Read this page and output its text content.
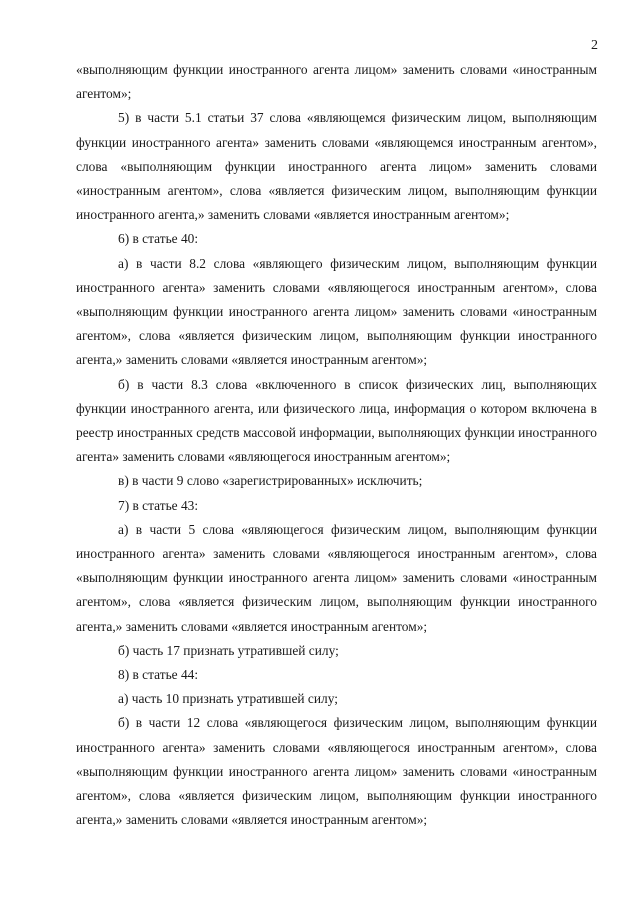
2

«выполняющим функции иностранного агента лицом» заменить словами «иностранным агентом»;

5) в части 5.1 статьи 37 слова «являющемся физическим лицом, выполняющим функции иностранного агента» заменить словами «являющемся иностранным агентом», слова «выполняющим функции иностранного агента лицом» заменить словами «иностранным агентом», слова «является физическим лицом, выполняющим функции иностранного агента,» заменить словами «является иностранным агентом»;

6) в статье 40:

а) в части 8.2 слова «являющего физическим лицом, выполняющим функции иностранного агента» заменить словами «являющегося иностранным агентом», слова «выполняющим функции иностранного агента лицом» заменить словами «иностранным агентом», слова «является физическим лицом, выполняющим функции иностранного агента,» заменить словами «является иностранным агентом»;

б) в части 8.3 слова «включенного в список физических лиц, выполняющих функции иностранного агента, или физического лица, информация о котором включена в реестр иностранных средств массовой информации, выполняющих функции иностранного агента» заменить словами «являющегося иностранным агентом»;

в) в части 9 слово «зарегистрированных» исключить;

7) в статье 43:

а) в части 5 слова «являющегося физическим лицом, выполняющим функции иностранного агента» заменить словами «являющегося иностранным агентом», слова «выполняющим функции иностранного агента лицом» заменить словами «иностранным агентом», слова «является физическим лицом, выполняющим функции иностранного агента,» заменить словами «является иностранным агентом»;

б) часть 17 признать утратившей силу;

8) в статье 44:

а) часть 10 признать утратившей силу;

б) в части 12 слова «являющегося физическим лицом, выполняющим функции иностранного агента» заменить словами «являющегося иностранным агентом», слова «выполняющим функции иностранного агента лицом» заменить словами «иностранным агентом», слова «является физическим лицом, выполняющим функции иностранного агента,» заменить словами «является иностранным агентом»;
